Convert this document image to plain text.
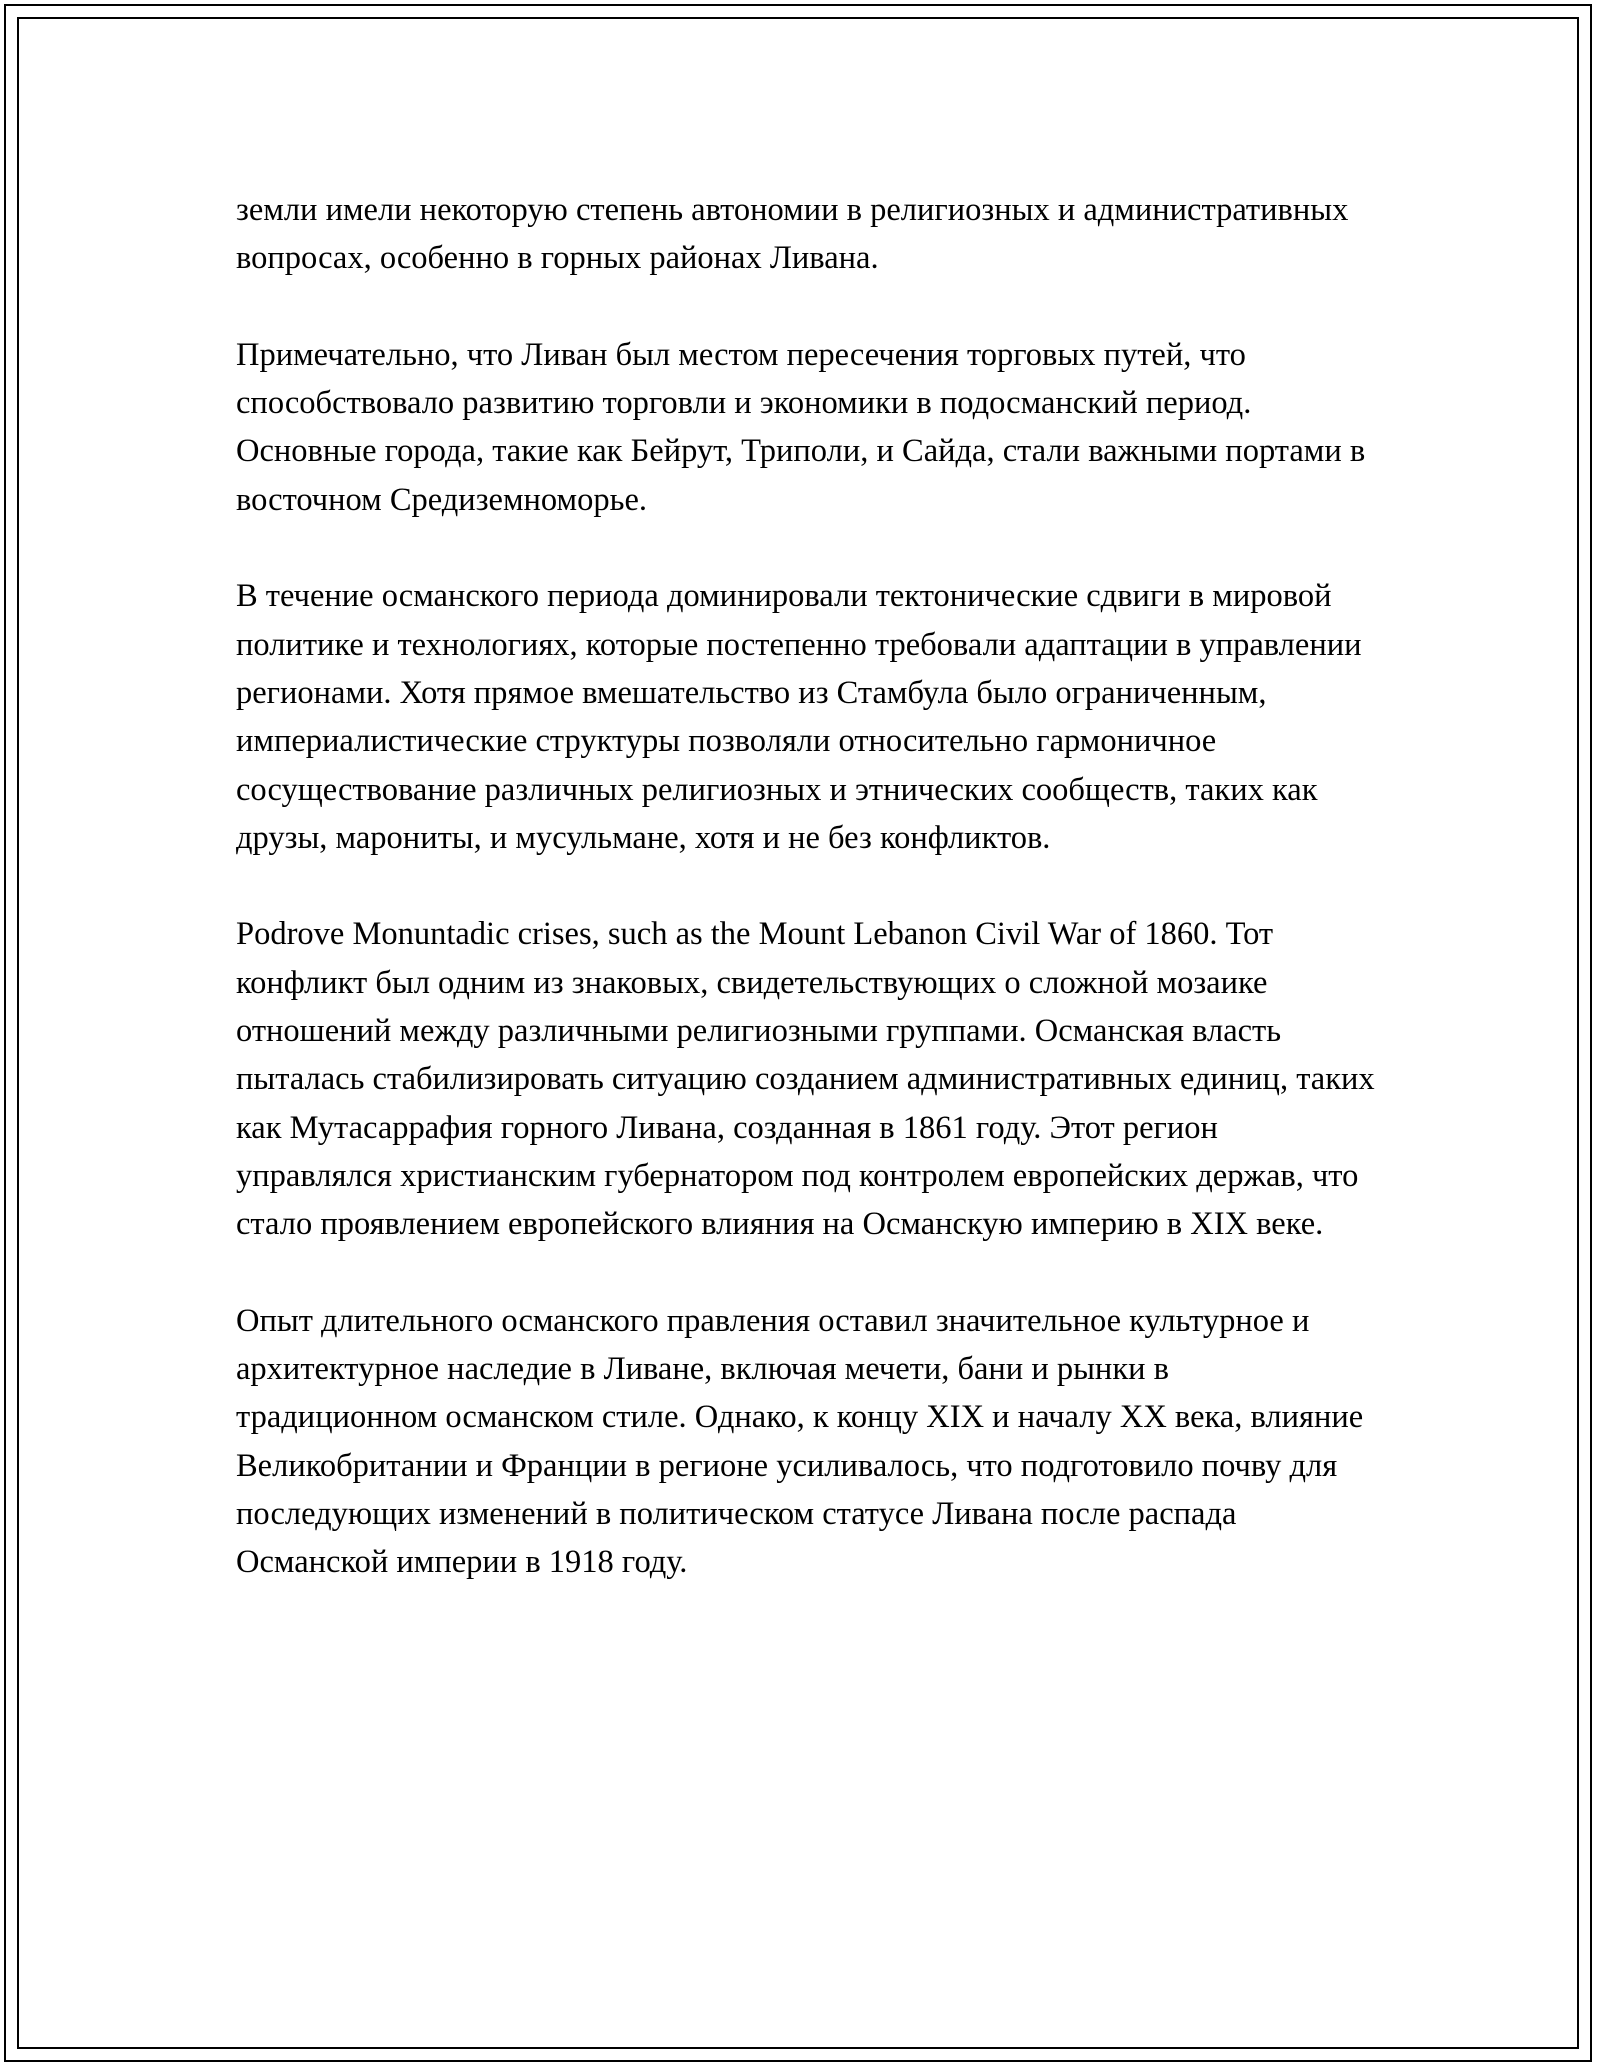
земли имели некоторую степень автономии в религиозных и административных вопросах, особенно в горных районах Ливана.

Примечательно, что Ливан был местом пересечения торговых путей, что способствовало развитию торговли и экономики в подосманский период. Основные города, такие как Бейрут, Триполи, и Сайда, стали важными портами в восточном Средиземноморье.

В течение османского периода доминировали тектонические сдвиги в мировой политике и технологиях, которые постепенно требовали адаптации в управлении регионами. Хотя прямое вмешательство из Стамбула было ограниченным, империалистические структуры позволяли относительно гармоничное сосуществование различных религиозных и этнических сообществ, таких как друзы, марониты, и мусульмане, хотя и не без конфликтов.

Podrove Monuntadic crises, such as the Mount Lebanon Civil War of 1860. Тот конфликт был одним из знаковых, свидетельствующих о сложной мозаике отношений между различными религиозными группами. Османская власть пыталась стабилизировать ситуацию созданием административных единиц, таких как Мутасаррафия горного Ливана, созданная в 1861 году. Этот регион управлялся христианским губернатором под контролем европейских держав, что стало проявлением европейского влияния на Османскую империю в XIX веке.

Опыт длительного османского правления оставил значительное культурное и архитектурное наследие в Ливане, включая мечети, бани и рынки в традиционном османском стиле. Однако, к концу XIX и началу XX века, влияние Великобритании и Франции в регионе усиливалось, что подготовило почву для последующих изменений в политическом статусе Ливана после распада Османской империи в 1918 году.
